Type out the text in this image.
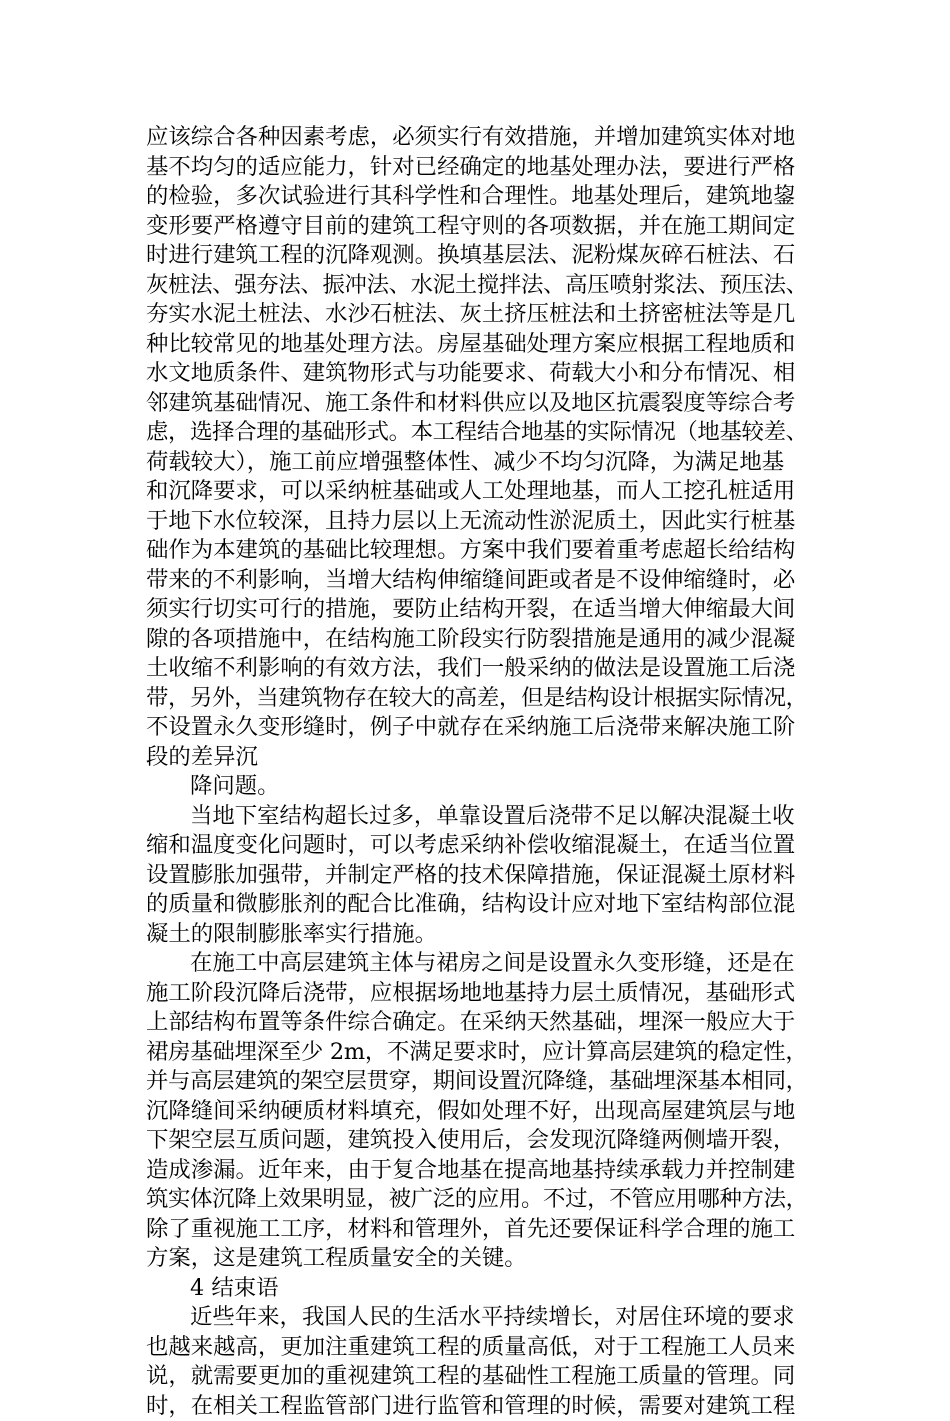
应该综合各种因素考虑，必须实行有效措施，并增加建筑实体对地
基不均匀的适应能力，针对已经确定的地基处理办法，要进行严格
的检验，多次试验进行其科学性和合理性。地基处理后，建筑地鋆
变形要严格遵守目前的建筑工程守则的各项数据，并在施工期间定
时进行建筑工程的沉降观测。换填基层法、泥粉煤灰碎石桩法、石
灰桩法、强夯法、振冲法、水泥土搅拌法、高压喷射浆法、预压法、
夯实水泥土桩法、水沙石桩法、灰土挤压桩法和土挤密桩法等是几
种比较常见的地基处理方法。房屋基础处理方案应根据工程地质和
水文地质条件、建筑物形式与功能要求、荷载大小和分布情况、相
邻建筑基础情况、施工条件和材料供应以及地区抗震裂度等综合考
虑，选择合理的基础形式。本工程结合地基的实际情况（地基较差、
荷载较大），施工前应增强整体性、减少不均匀沉降，为满足地基
和沉降要求，可以采纳桩基础或人工处理地基，而人工挖孔桩适用
于地下水位较深，且持力层以上无流动性淤泥质土，因此实行桩基
础作为本建筑的基础比较理想。方案中我们要着重考虑超长给结构
带来的不利影响，当增大结构伸缩缝间距或者是不设伸缩缝时，必
须实行切实可行的措施，要防止结构开裂，在适当增大伸缩最大间
隙的各项措施中，在结构施工阶段实行防裂措施是通用的减少混凝
土收缩不利影响的有效方法，我们一般采纳的做法是设置施工后浇
带，另外，当建筑物存在较大的高差，但是结构设计根据实际情况，
不设置永久变形缝时，例子中就存在采纳施工后浇带来解决施工阶
段的差异沉
降问题。
当地下室结构超长过多，单靠设置后浇带不足以解决混凝土收
缩和温度变化问题时，可以考虑采纳补偿收缩混凝土，在适当位置
设置膨胀加强带，并制定严格的技术保障措施，保证混凝土原材料
的质量和微膨胀剂的配合比准确，结构设计应对地下室结构部位混
凝土的限制膨胀率实行措施。
在施工中高层建筑主体与裙房之间是设置永久变形缝，还是在
施工阶段沉降后浇带，应根据场地地基持力层土质情况，基础形式
上部结构布置等条件综合确定。在采纳天然基础，埋深一般应大于
裙房基础埋深至少 2m，不满足要求时，应计算高层建筑的稳定性，
并与高层建筑的架空层贯穿，期间设置沉降缝，基础埋深基本相同，
沉降缝间采纳硬质材料填充，假如处理不好，出现高屋建筑层与地
下架空层互质问题，建筑投入使用后，会发现沉降缝两侧墙开裂，
造成渗漏。近年来，由于复合地基在提高地基持续承载力并控制建
筑实体沉降上效果明显，被广泛的应用。不过，不管应用哪种方法，
除了重视施工工序，材料和管理外，首先还要保证科学合理的施工
方案，这是建筑工程质量安全的关键。
4 结束语
近些年来，我国人民的生活水平持续增长，对居住环境的要求
也越来越高，更加注重建筑工程的质量高低，对于工程施工人员来
说，就需要更加的重视建筑工程的基础性工程施工质量的管理。同
时，在相关工程监管部门进行监管和管理的时候，需要对建筑工程
